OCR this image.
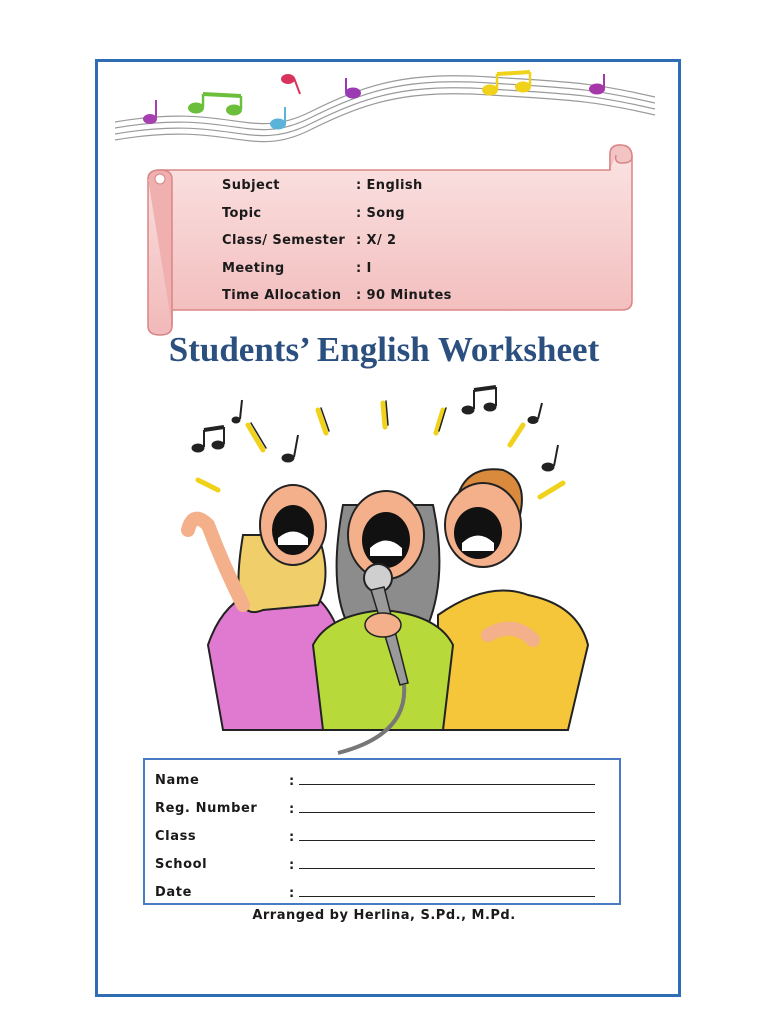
Subject	: English
Topic	: Song
Class/ Semester	: X/ 2
Meeting	: I
Time Allocation	: 90 Minutes
Students’ English Worksheet
Name	:
Reg. Number	:
Class	:
School	:
Date	:
Arranged by Herlina, S.Pd., M.Pd.
